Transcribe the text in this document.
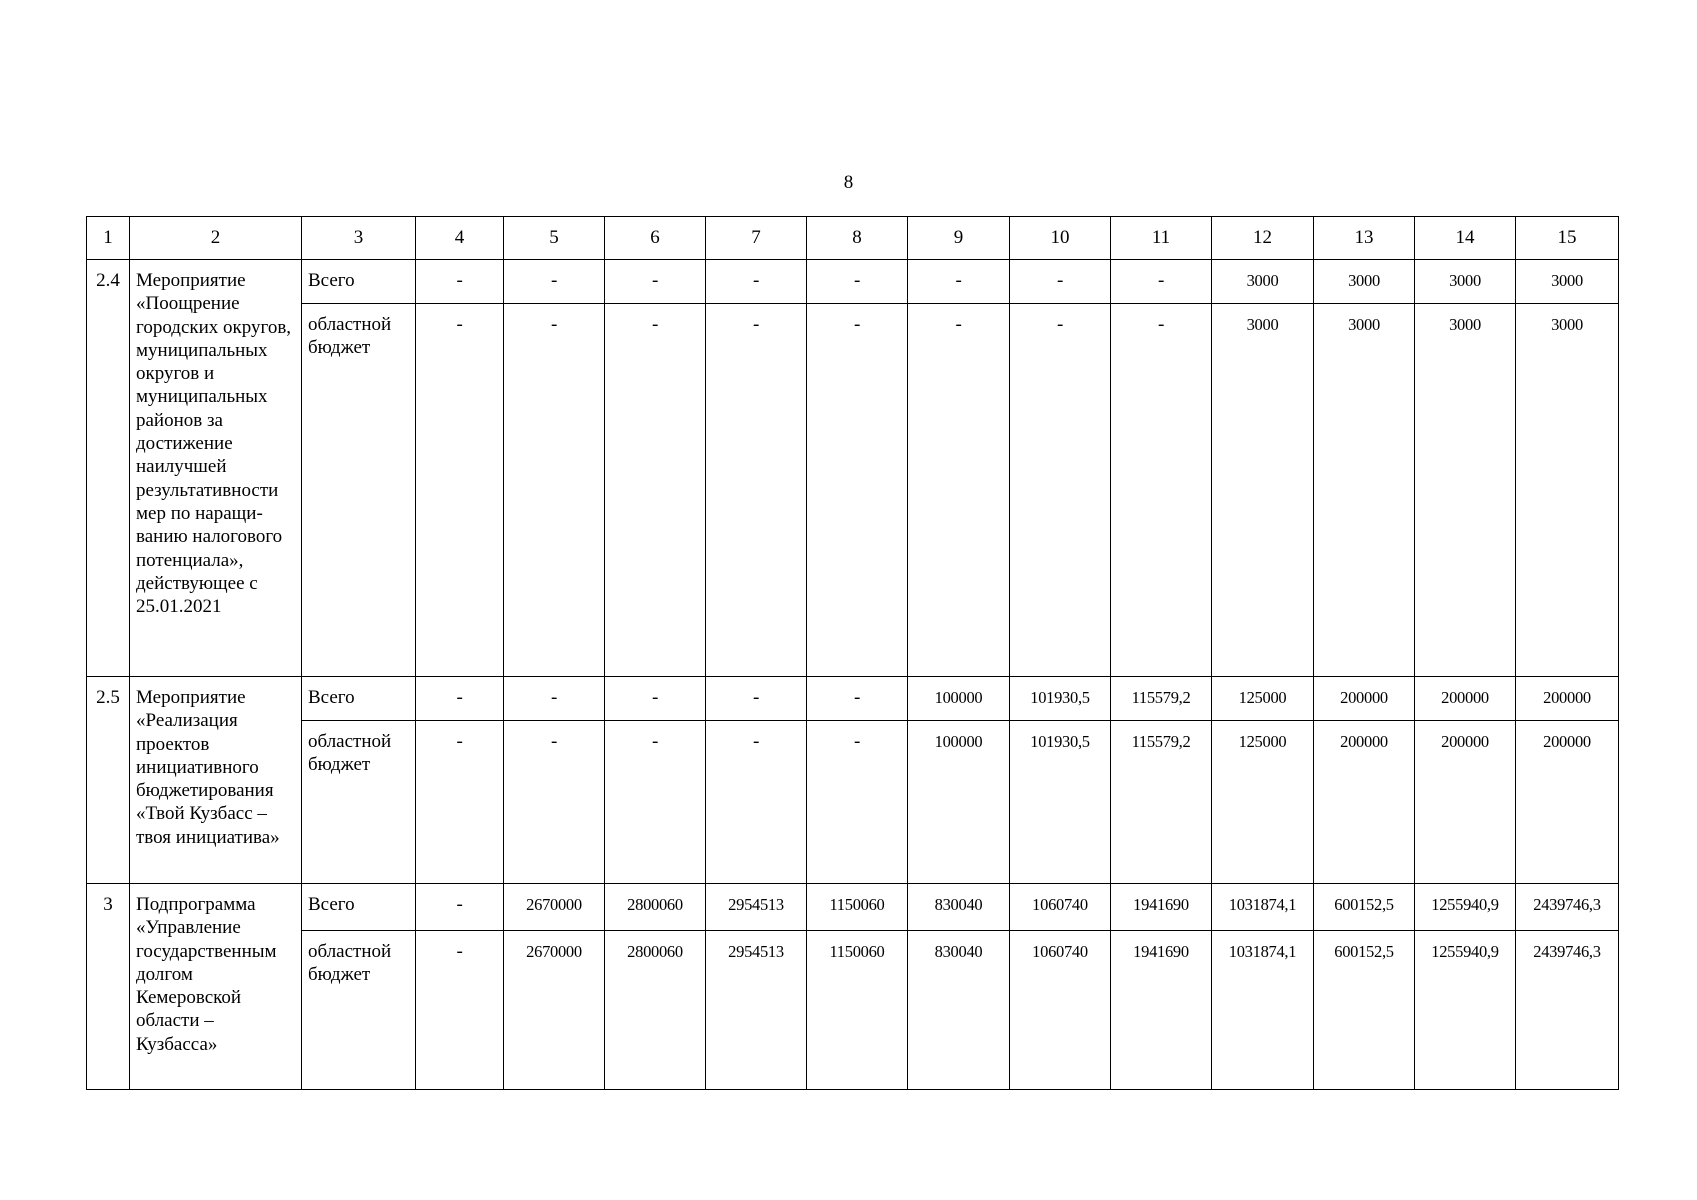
8
1	2	3	4	5	6	7	8	9	10	11	12	13	14	15
2.4	Мероприятие «Поощрение городских округов, муниципальных округов и муниципальных районов за достижение наилучшей результативности мер по наращи-ванию налогового потенциала», действующее с 25.01.2021	Всего	-	-	-	-	-	-	-	-	3000	3000	3000	3000
		областной бюджет	-	-	-	-	-	-	-	-	3000	3000	3000	3000
2.5	Мероприятие «Реализация проектов инициативного бюджетирования «Твой Кузбасс – твоя инициатива»	Всего	-	-	-	-	-	100000	101930,5	115579,2	125000	200000	200000	200000
		областной бюджет	-	-	-	-	-	100000	101930,5	115579,2	125000	200000	200000	200000
3	Подпрограмма «Управление государственным долгом Кемеровской области – Кузбасса»	Всего	-	2670000	2800060	2954513	1150060	830040	1060740	1941690	1031874,1	600152,5	1255940,9	2439746,3
		областной бюджет	-	2670000	2800060	2954513	1150060	830040	1060740	1941690	1031874,1	600152,5	1255940,9	2439746,3
